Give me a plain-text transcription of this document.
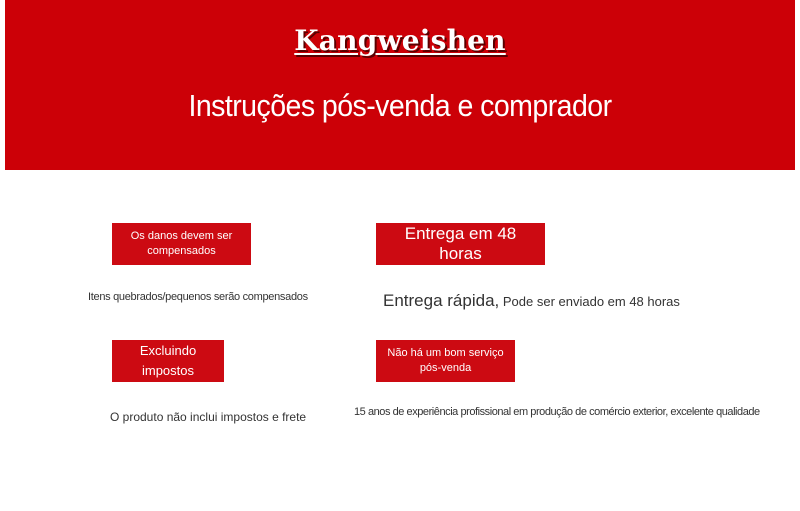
Kangweishen
Instruções pós-venda e comprador
Os danos devem ser compensados
Itens quebrados/pequenos serão compensados
Entrega em 48 horas
Entrega rápida, Pode ser enviado em 48 horas
Excluindo impostos
O produto não inclui impostos e frete
Não há um bom serviço pós-venda
15 anos de experiência profissional em produção de comércio exterior, excelente qualidade
